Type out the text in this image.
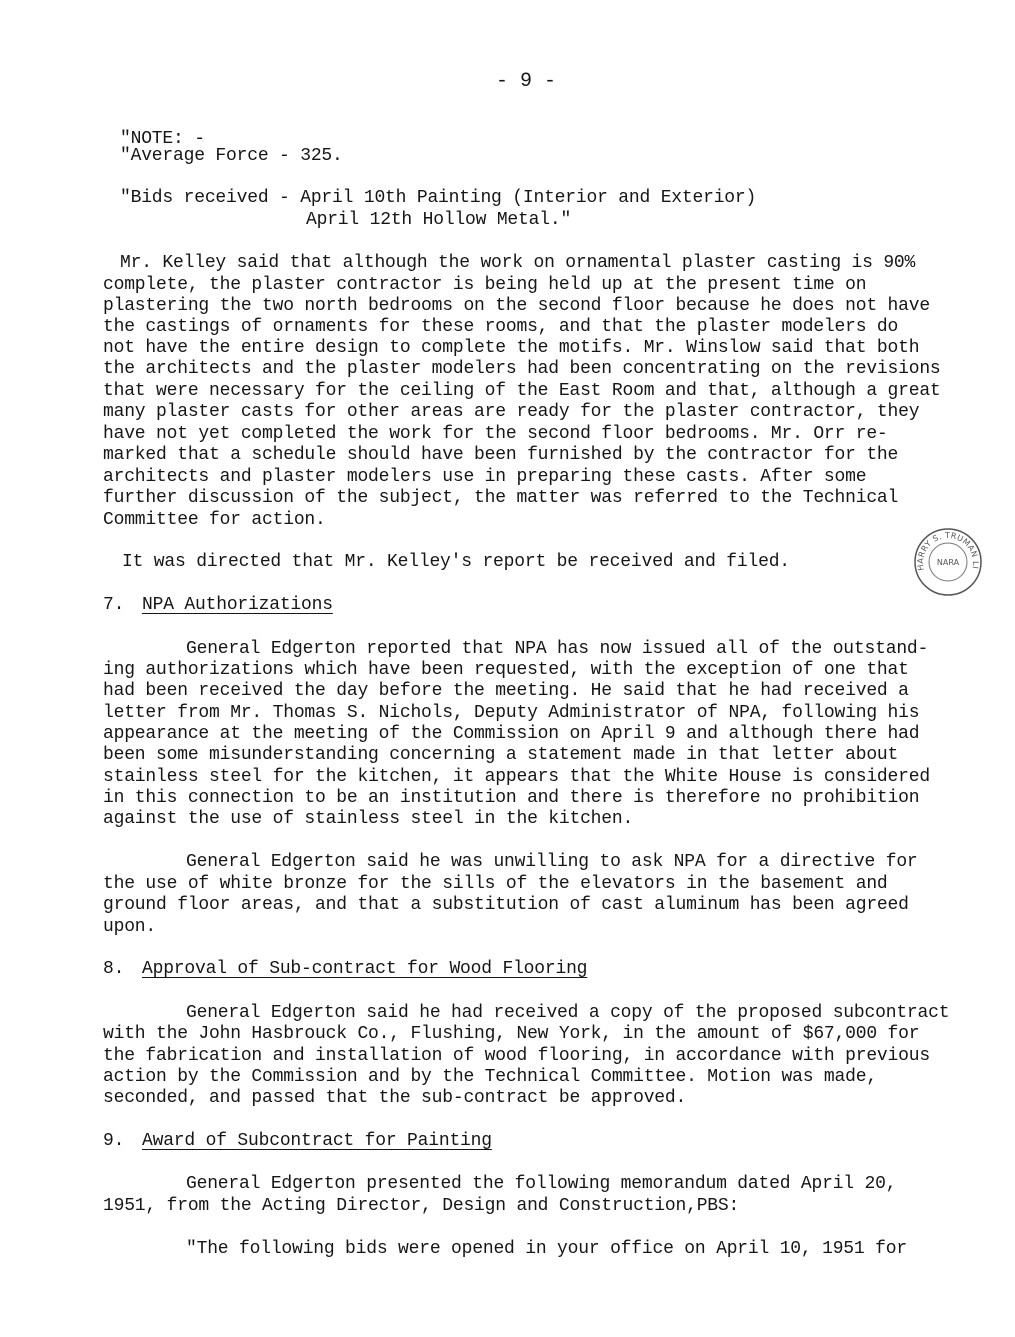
- 9 -
"NOTE: -
"Average Force - 325.
"Bids received - April 10th Painting (Interior and Exterior)
April 12th Hollow Metal."
Mr. Kelley said that although the work on ornamental plaster casting is 90%
complete, the plaster contractor is being held up at the present time on
plastering the two north bedrooms on the second floor because he does not have
the castings of ornaments for these rooms, and that the plaster modelers do
not have the entire design to complete the motifs. Mr. Winslow said that both
the architects and the plaster modelers had been concentrating on the revisions
that were necessary for the ceiling of the East Room and that, although a great
many plaster casts for other areas are ready for the plaster contractor, they
have not yet completed the work for the second floor bedrooms. Mr. Orr re-
marked that a schedule should have been furnished by the contractor for the
architects and plaster modelers use in preparing these casts. After some
further discussion of the subject, the matter was referred to the Technical
Committee for action.
It was directed that Mr. Kelley's report be received and filed.	HARRY S. TRUMAN LI
NARA
7. NPA Authorizations
General Edgerton reported that NPA has now issued all of the outstand-
ing authorizations which have been requested, with the exception of one that
had been received the day before the meeting. He said that he had received a
letter from Mr. Thomas S. Nichols, Deputy Administrator of NPA, following his
appearance at the meeting of the Commission on April 9 and although there had
been some misunderstanding concerning a statement made in that letter about
stainless steel for the kitchen, it appears that the White House is considered
in this connection to be an institution and there is therefore no prohibition
against the use of stainless steel in the kitchen.
General Edgerton said he was unwilling to ask NPA for a directive for
the use of white bronze for the sills of the elevators in the basement and
ground floor areas, and that a substitution of cast aluminum has been agreed
upon.
8. Approval of Sub-contract for Wood Flooring
General Edgerton said he had received a copy of the proposed subcontract
with the John Hasbrouck Co., Flushing, New York, in the amount of $67,000 for
the fabrication and installation of wood flooring, in accordance with previous
action by the Commission and by the Technical Committee. Motion was made,
seconded, and passed that the sub-contract be approved.
9. Award of Subcontract for Painting
General Edgerton presented the following memorandum dated April 20,
1951, from the Acting Director, Design and Construction,PBS:
"The following bids were opened in your office on April 10, 1951 for
